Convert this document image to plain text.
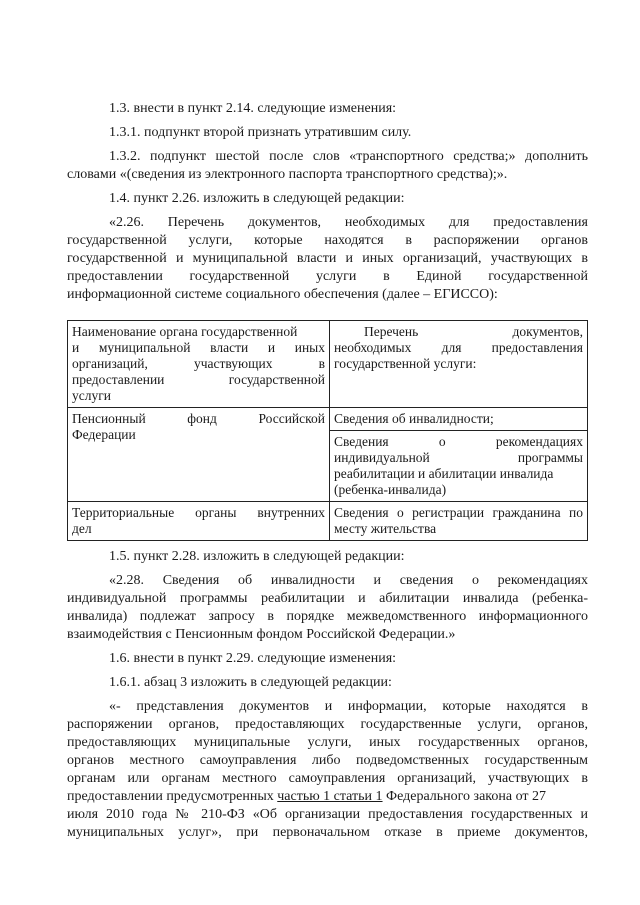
1.3. внести в пункт 2.14. следующие изменения:

1.3.1. подпункт второй признать утратившим силу.

1.3.2. подпункт шестой после слов «транспортного средства;» дополнить

словами «(сведения из электронного паспорта транспортного средства);».

1.4. пункт 2.26. изложить в следующей редакции:

«2.26. Перечень документов, необходимых для предоставления

государственной услуги, которые находятся в распоряжении органов

государственной и муниципальной власти и иных организаций, участвующих в

предоставлении государственной услуги в Единой государственной

информационной системе социального обеспечения (далее – ЕГИССО):

Наименование органа государственной
и муниципальной власти и иных
организаций, участвующих в
предоставлении государственной
услуги	Перечень документов,
необходимых для предоставления
государственной услуги:

Пенсионный фонд Российской
Федерации	Сведения об инвалидности;

	Сведения о рекомендациях
индивидуальной программы
реабилитации и абилитации инвалида
(ребенка-инвалида)

Территориальные органы внутренних
дел	Сведения о регистрации гражданина по
месту жительства

1.5. пункт 2.28. изложить в следующей редакции:

«2.28. Сведения об инвалидности и сведения о рекомендациях

индивидуальной программы реабилитации и абилитации инвалида (ребенка-

инвалида) подлежат запросу в порядке межведомственного информационного

взаимодействия с Пенсионным фондом Российской Федерации.»

1.6. внести в пункт 2.29. следующие изменения:

1.6.1. абзац 3 изложить в следующей редакции:

«- представления документов и информации, которые находятся в

распоряжении органов, предоставляющих государственные услуги, органов,

предоставляющих муниципальные услуги, иных государственных органов,

органов местного самоуправления либо подведомственных государственным

органам или органам местного самоуправления организаций, участвующих в

предоставлении предусмотренных частью 1 статьи 1 Федерального закона от 27

июля 2010 года № 210-ФЗ «Об организации предоставления государственных и

муниципальных услуг», при первоначальном отказе в приеме документов,
